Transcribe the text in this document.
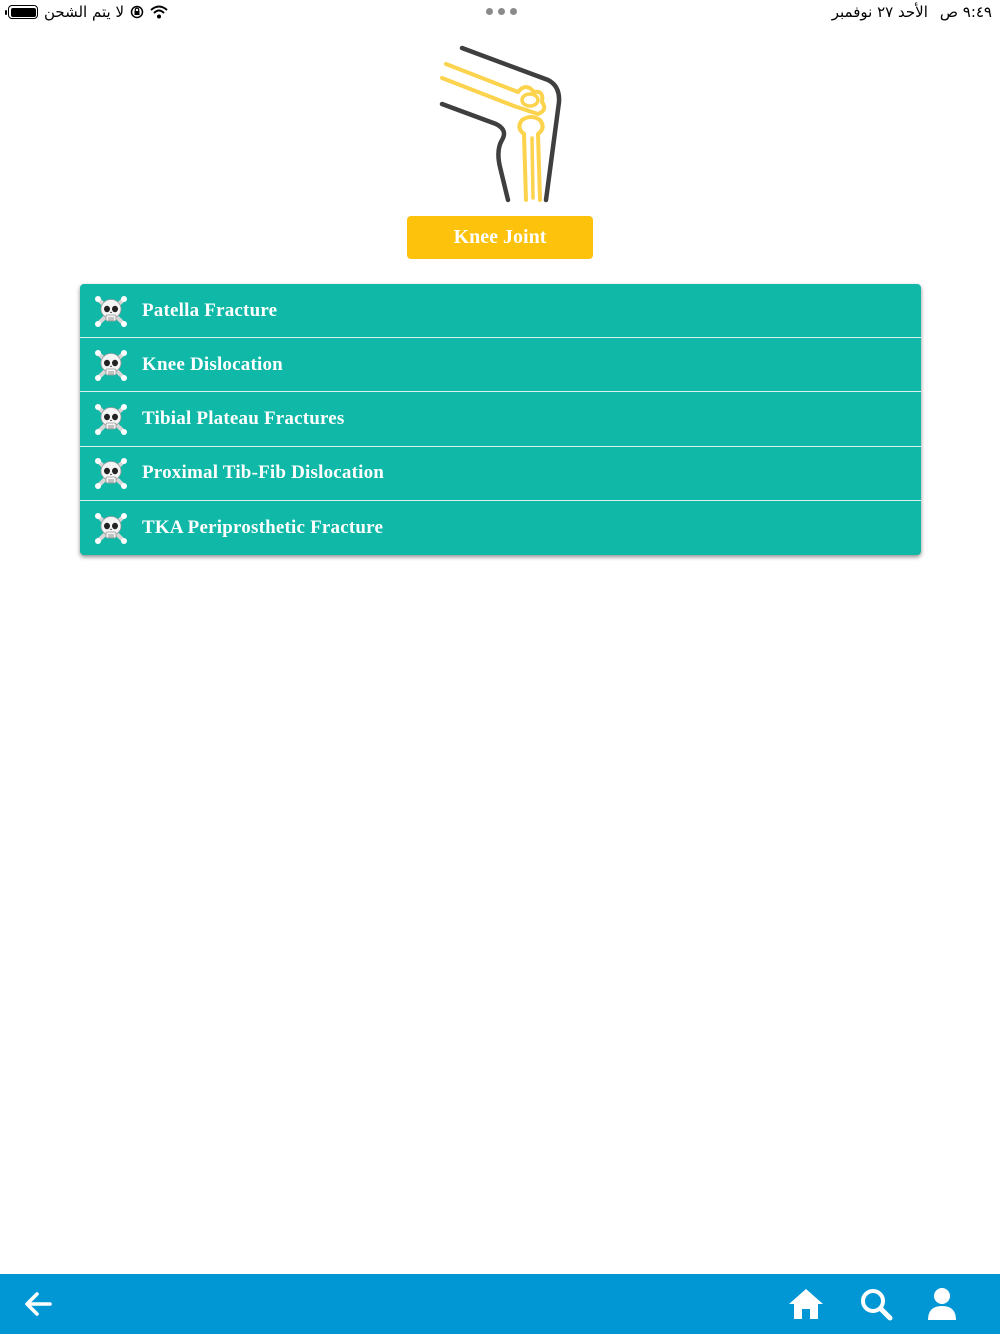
لا يتم الشحن	٩:٤٩ ص
الأحد ٢٧ نوفمبر
Knee Joint
Patella Fracture
Knee Dislocation
Tibial Plateau Fractures
Proximal Tib-Fib Dislocation
TKA Periprosthetic Fracture
